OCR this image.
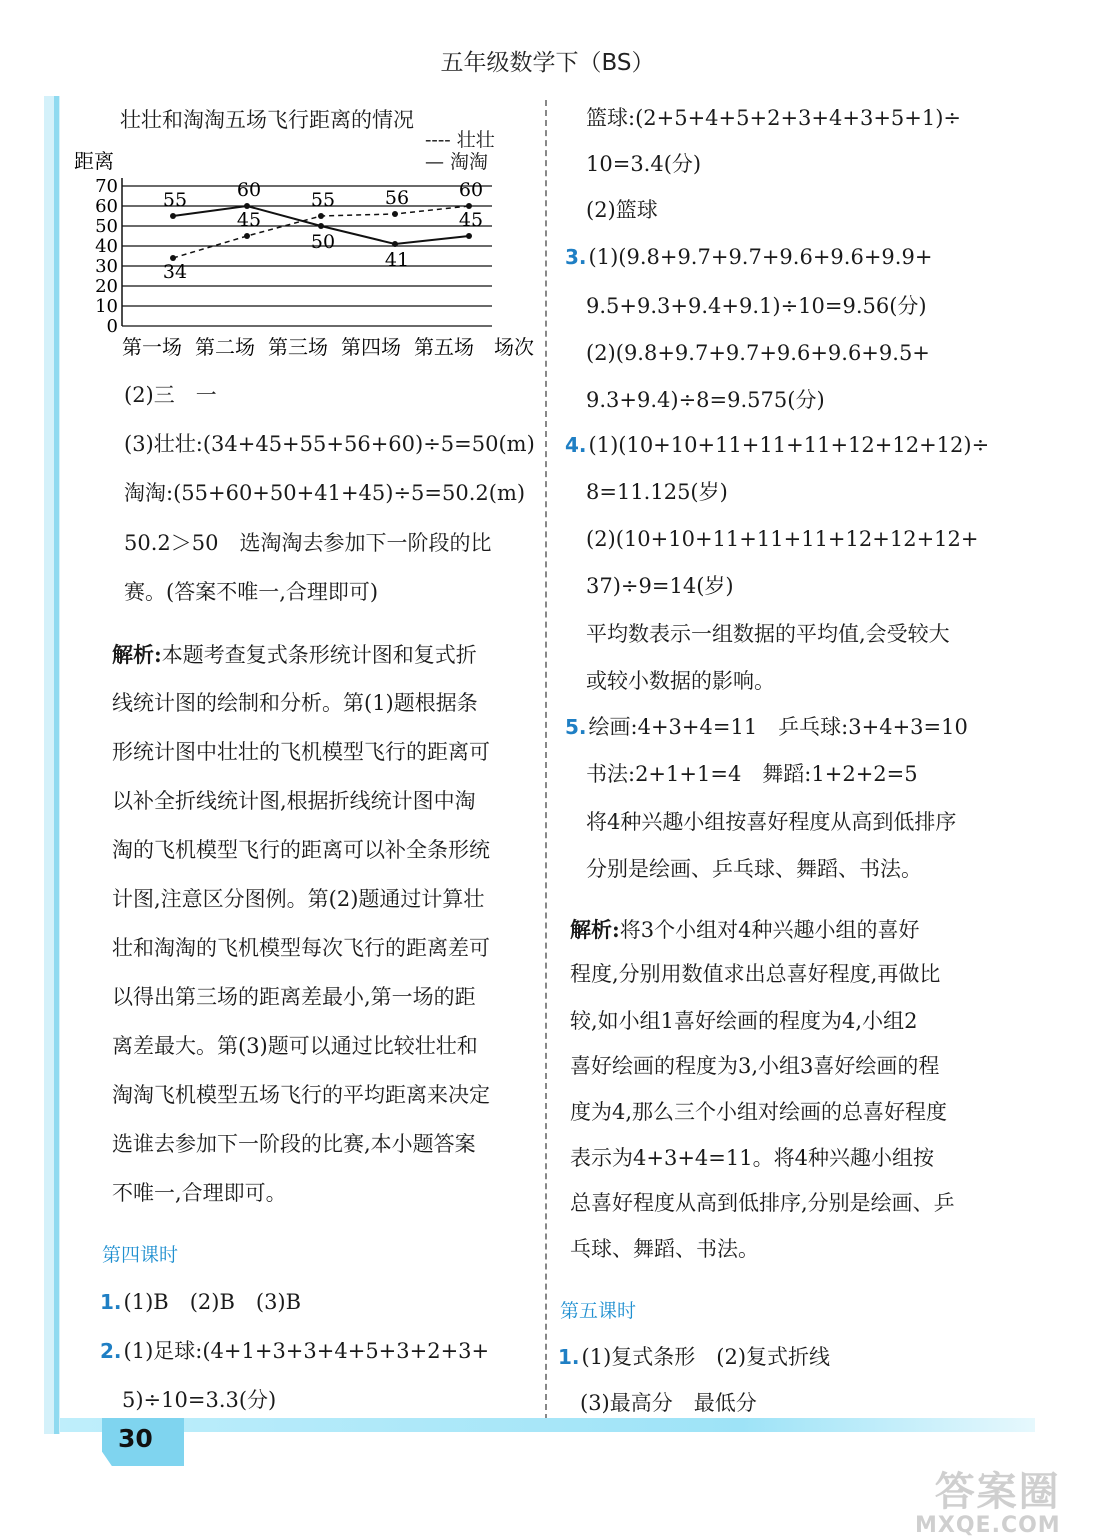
五年级数学下（BS）
30
答案圈
MXQE.COM
壮壮和淘淘五场飞行距离的情况
---- 壮壮
— 淘淘
距离
0
10
20
30
40
50
60
70
第一场 第二场 第三场 第四场 第五场 场次
34
45
55	56	60
55	60
50
41
45
(2)三　一
(3)壮壮:(34+45+55+56+60)÷5=50(m)
淘淘:(55+60+50+41+45)÷5=50.2(m)
50.2＞50　选淘淘去参加下一阶段的比
赛。(答案不唯一,合理即可)
解析:本题考查复式条形统计图和复式折
线统计图的绘制和分析。第(1)题根据条
形统计图中壮壮的飞机模型飞行的距离可
以补全折线统计图,根据折线统计图中淘
淘的飞机模型飞行的距离可以补全条形统
计图,注意区分图例。第(2)题通过计算壮
壮和淘淘的飞机模型每次飞行的距离差可
以得出第三场的距离差最小,第一场的距
离差最大。第(3)题可以通过比较壮壮和
淘淘飞机模型五场飞行的平均距离来决定
选谁去参加下一阶段的比赛,本小题答案
不唯一,合理即可。
第四课时
1.(1)B　(2)B　(3)B
2.(1)足球:(4+1+3+3+4+5+3+2+3+
5)÷10=3.3(分)
篮球:(2+5+4+5+2+3+4+3+5+1)÷
10=3.4(分)
(2)篮球
3.(1)(9.8+9.7+9.7+9.6+9.6+9.9+
9.5+9.3+9.4+9.1)÷10=9.56(分)
(2)(9.8+9.7+9.7+9.6+9.6+9.5+
9.3+9.4)÷8=9.575(分)
4.(1)(10+10+11+11+11+12+12+12)÷
8=11.125(岁)
(2)(10+10+11+11+11+12+12+12+
37)÷9=14(岁)
平均数表示一组数据的平均值,会受较大
或较小数据的影响。
5.绘画:4+3+4=11　乒乓球:3+4+3=10
书法:2+1+1=4　舞蹈:1+2+2=5
将4种兴趣小组按喜好程度从高到低排序
分别是绘画、乒乓球、舞蹈、书法。
解析:将3个小组对4种兴趣小组的喜好
程度,分别用数值求出总喜好程度,再做比
较,如小组1喜好绘画的程度为4,小组2
喜好绘画的程度为3,小组3喜好绘画的程
度为4,那么三个小组对绘画的总喜好程度
表示为4+3+4=11。将4种兴趣小组按
总喜好程度从高到低排序,分别是绘画、乒
乓球、舞蹈、书法。
第五课时
1.(1)复式条形　(2)复式折线
(3)最高分　最低分
